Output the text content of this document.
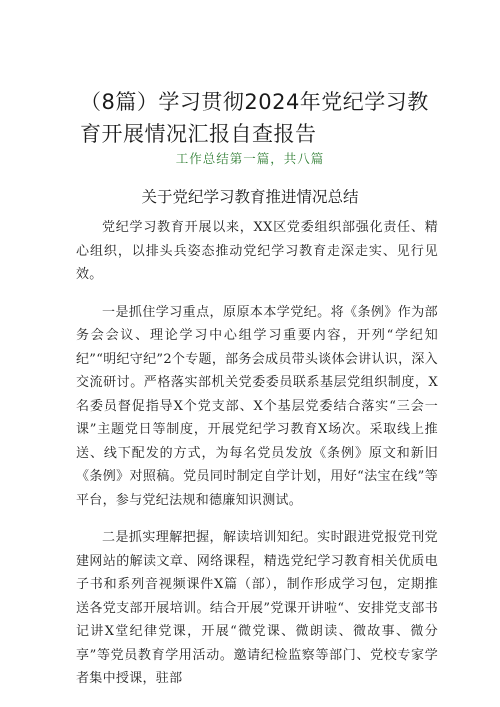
（8篇）学习贯彻2024年党纪学习教育开展情况汇报自查报告
工作总结第一篇，共八篇
关于党纪学习教育推进情况总结

党纪学习教育开展以来，XX区党委组织部强化责任、精心组织，以排头兵姿态推动党纪学习教育走深走实、见行见效。

一是抓住学习重点，原原本本学党纪。将《条例》作为部务会会议、理论学习中心组学习重要内容，开列“学纪知纪”“明纪守纪”2个专题，部务会成员带头谈体会讲认识，深入交流研讨。严格落实部机关党委委员联系基层党组织制度，X名委员督促指导X个党支部、X个基层党委结合落实“三会一课”主题党日等制度，开展党纪学习教育X场次。采取线上推送、线下配发的方式，为每名党员发放《条例》原文和新旧《条例》对照稿。党员同时制定自学计划，用好“法宝在线”等平台，参与党纪法规和德廉知识测试。

二是抓实理解把握，解读培训知纪。实时跟进党报党刊党建网站的解读文章、网络课程，精选党纪学习教育相关优质电子书和系列音视频课件X篇（部），制作形成学习包，定期推送各党支部开展培训。结合开展”党课开讲啦“、安排党支部书记讲X堂纪律党课，开展“微党课、微朗读、微故事、微分享”等党员教育学用活动。邀请纪检监察等部门、党校专家学者集中授课，驻部
